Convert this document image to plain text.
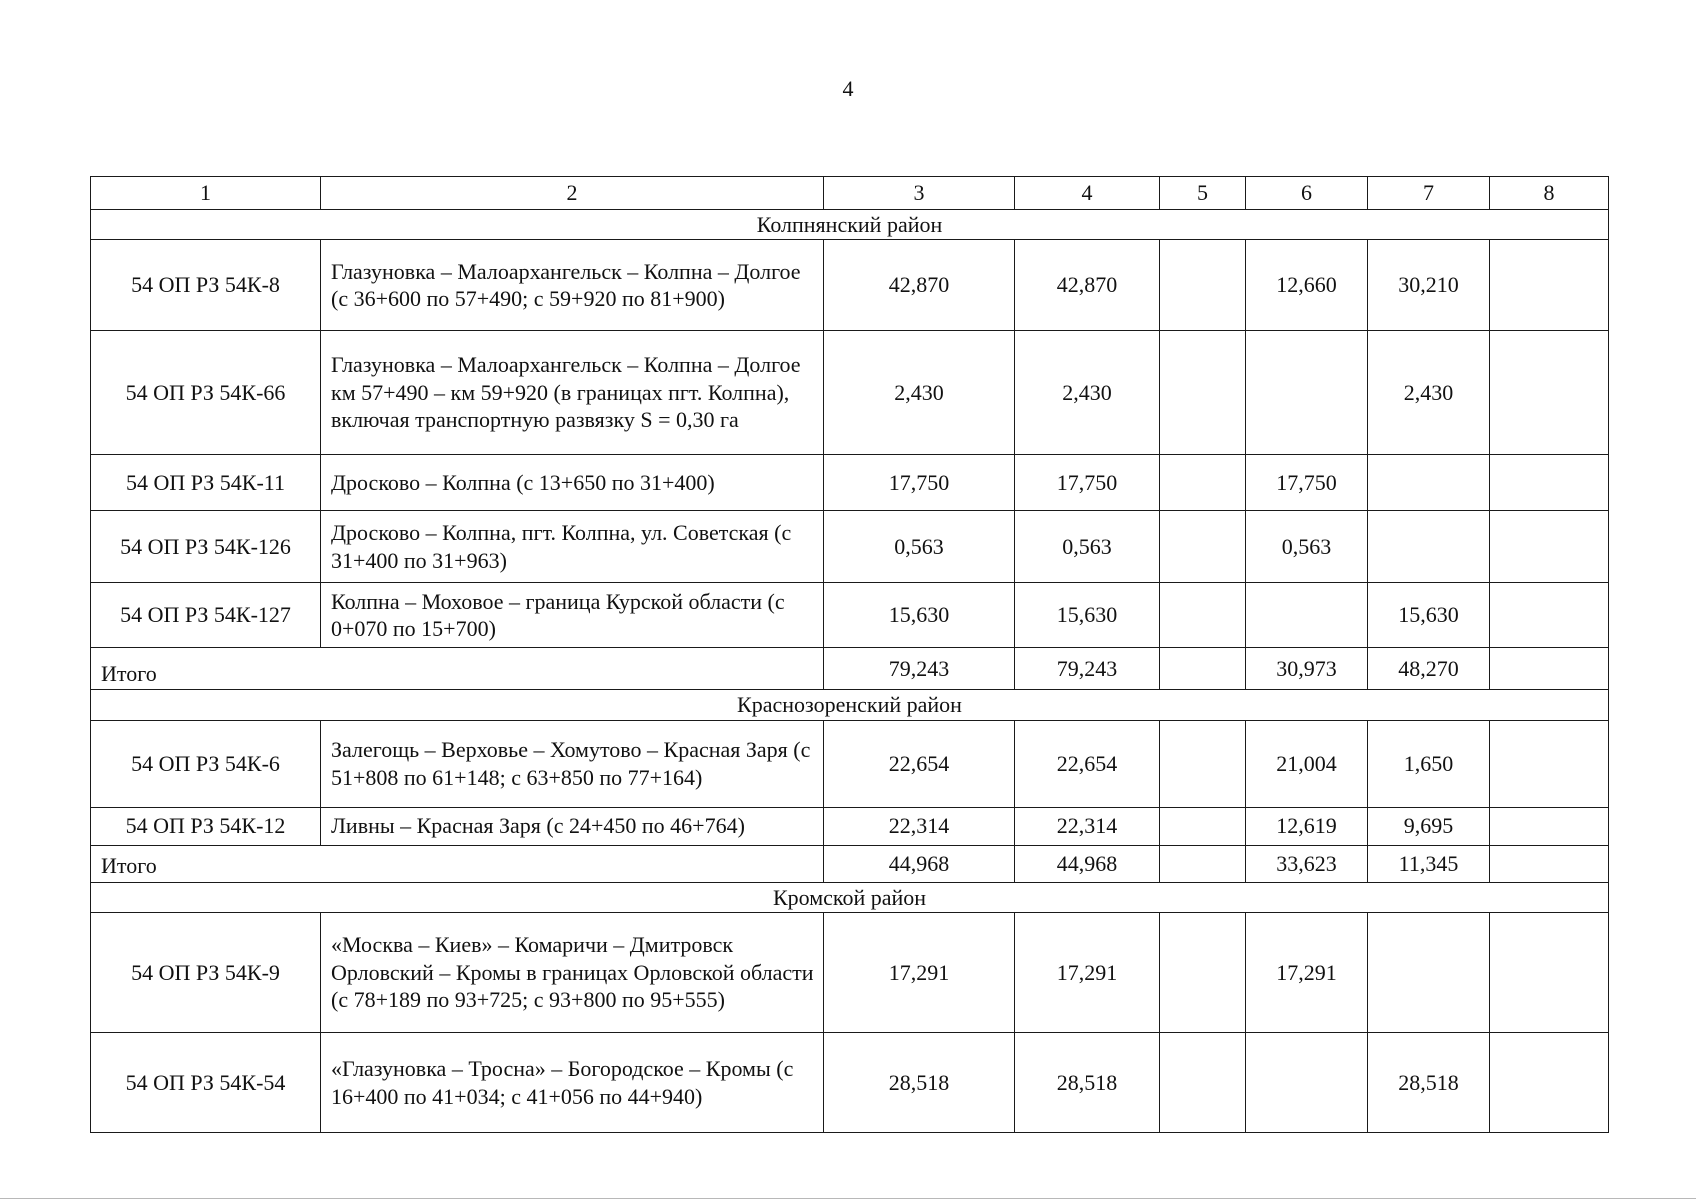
4
1	2	3	4	5	6	7	8
Колпнянский район							
54 ОП РЗ 54К-8	Глазуновка – Малоархангельск – Колпна – Долгое (с 36+600 по 57+490; с 59+920 по 81+900)	42,870	42,870		12,660	30,210	
54 ОП РЗ 54К-66	Глазуновка – Малоархангельск – Колпна – Долгое км 57+490 – км 59+920 (в границах пгт. Колпна), включая транспортную развязку S = 0,30 га	2,430	2,430			2,430	
54 ОП РЗ 54К-11	Дросково – Колпна (с 13+650 по 31+400)	17,750	17,750		17,750		
54 ОП РЗ 54К-126	Дросково – Колпна, пгт. Колпна, ул. Советская (с 31+400 по 31+963)	0,563	0,563		0,563		
54 ОП РЗ 54К-127	Колпна – Моховое – граница Курской области (с 0+070 по 15+700)	15,630	15,630			15,630	
Итого		79,243	79,243		30,973	48,270	
Краснозоренский район							
54 ОП РЗ 54К-6	Залегощь – Верховье – Хомутово – Красная Заря (с 51+808 по 61+148; с 63+850 по 77+164)	22,654	22,654		21,004	1,650	
54 ОП РЗ 54К-12	Ливны – Красная Заря (с 24+450 по 46+764)	22,314	22,314		12,619	9,695	
Итого		44,968	44,968		33,623	11,345	
Кромской район							
54 ОП РЗ 54К-9	«Москва – Киев» – Комаричи – Дмитровск Орловский – Кромы в границах Орловской области (с 78+189 по 93+725; с 93+800 по 95+555)	17,291	17,291		17,291		
54 ОП РЗ 54К-54	«Глазуновка – Тросна» – Богородское – Кромы (с 16+400 по 41+034; с 41+056 по 44+940)	28,518	28,518			28,518	
